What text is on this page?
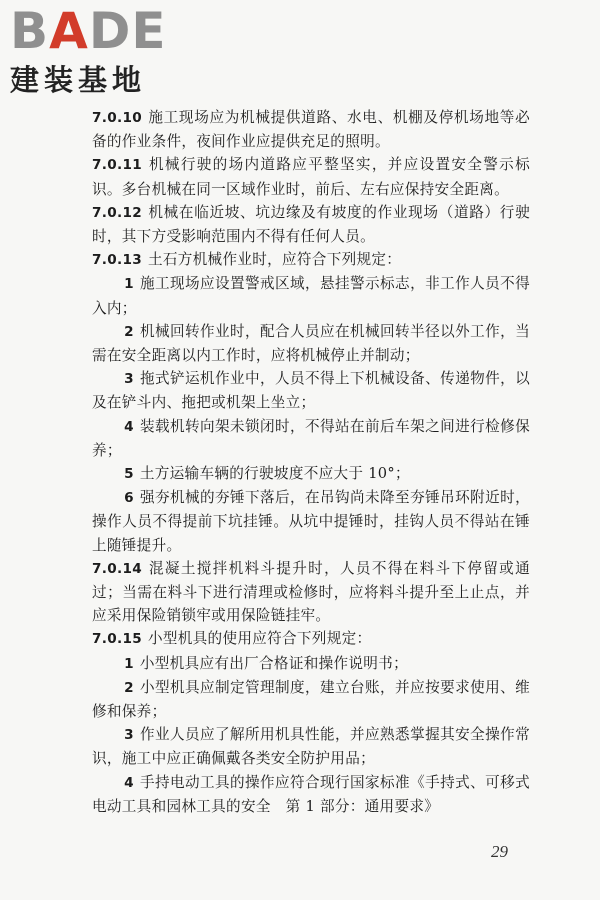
BADE
建装基地

7.0.10 施工现场应为机械提供道路、水电、机棚及停机场地等必备的作业条件，夜间作业应提供充足的照明。

7.0.11 机械行驶的场内道路应平整坚实，并应设置安全警示标识。多台机械在同一区域作业时，前后、左右应保持安全距离。

7.0.12 机械在临近坡、坑边缘及有坡度的作业现场（道路）行驶时，其下方受影响范围内不得有任何人员。

7.0.13 土石方机械作业时，应符合下列规定：

1 施工现场应设置警戒区域，悬挂警示标志，非工作人员不得入内；

2 机械回转作业时，配合人员应在机械回转半径以外工作，当需在安全距离以内工作时，应将机械停止并制动；

3 拖式铲运机作业中，人员不得上下机械设备、传递物件，以及在铲斗内、拖把或机架上坐立；

4 装载机转向架未锁闭时，不得站在前后车架之间进行检修保养；

5 土方运输车辆的行驶坡度不应大于 10°；

6 强夯机械的夯锤下落后，在吊钩尚未降至夯锤吊环附近时，操作人员不得提前下坑挂锤。从坑中提锤时，挂钩人员不得站在锤上随锤提升。

7.0.14 混凝土搅拌机料斗提升时，人员不得在料斗下停留或通过；当需在料斗下进行清理或检修时，应将料斗提升至上止点，并应采用保险销锁牢或用保险链挂牢。

7.0.15 小型机具的使用应符合下列规定：

1 小型机具应有出厂合格证和操作说明书；

2 小型机具应制定管理制度，建立台账，并应按要求使用、维修和保养；

3 作业人员应了解所用机具性能，并应熟悉掌握其安全操作常识，施工中应正确佩戴各类安全防护用品；

4 手持电动工具的操作应符合现行国家标准《手持式、可移式电动工具和园林工具的安全　第 1 部分：通用要求》

29
